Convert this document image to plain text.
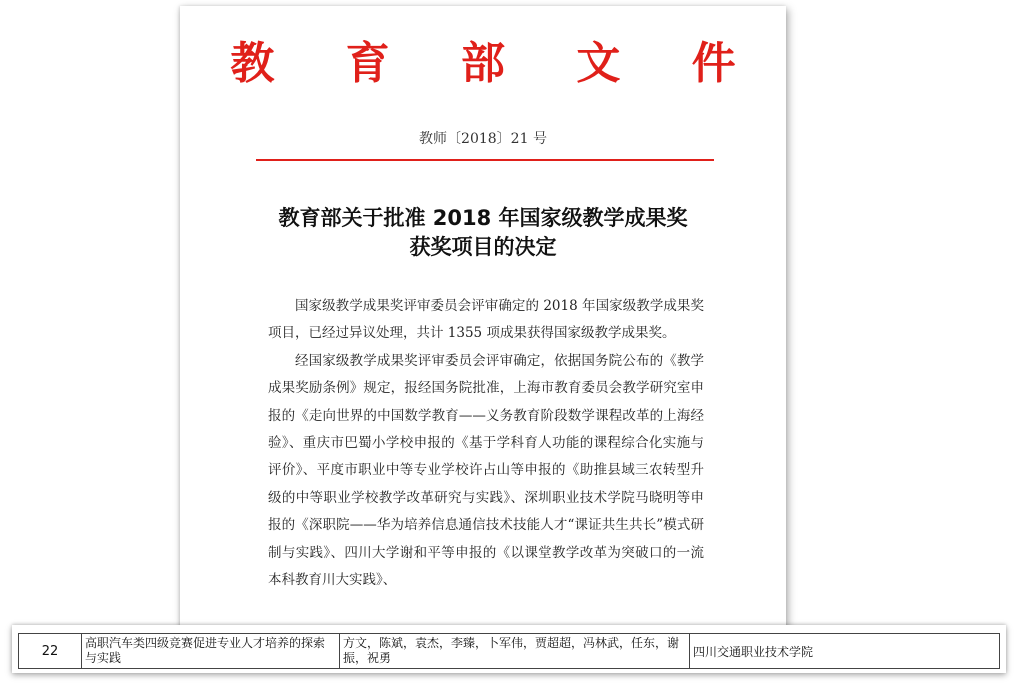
教 育 部 文 件
教师〔2018〕21 号
教育部关于批准 2018 年国家级教学成果奖
获奖项目的决定

国家级教学成果奖评审委员会评审确定的 2018 年国家级教学成果奖项目，已经过异议处理，共计 1355 项成果获得国家级教学成果奖。

经国家级教学成果奖评审委员会评审确定，依据国务院公布的《教学成果奖励条例》规定，报经国务院批准，上海市教育委员会教学研究室申报的《走向世界的中国数学教育——义务教育阶段数学课程改革的上海经验》、重庆市巴蜀小学校申报的《基于学科育人功能的课程综合化实施与评价》、平度市职业中等专业学校许占山等申报的《助推县域三农转型升级的中等职业学校教学改革研究与实践》、深圳职业技术学院马晓明等申报的《深职院——华为培养信息通信技术技能人才“课证共生共长”模式研制与实践》、四川大学谢和平等申报的《以课堂教学改革为突破口的一流本科教育川大实践》、

22
高职汽车类四级竞赛促进专业人才培养的探索与实践
方文，陈斌，袁杰，李臻，卜军伟，贾超超，冯林武，任东，谢振，祝勇	四川交通职业技术学院
